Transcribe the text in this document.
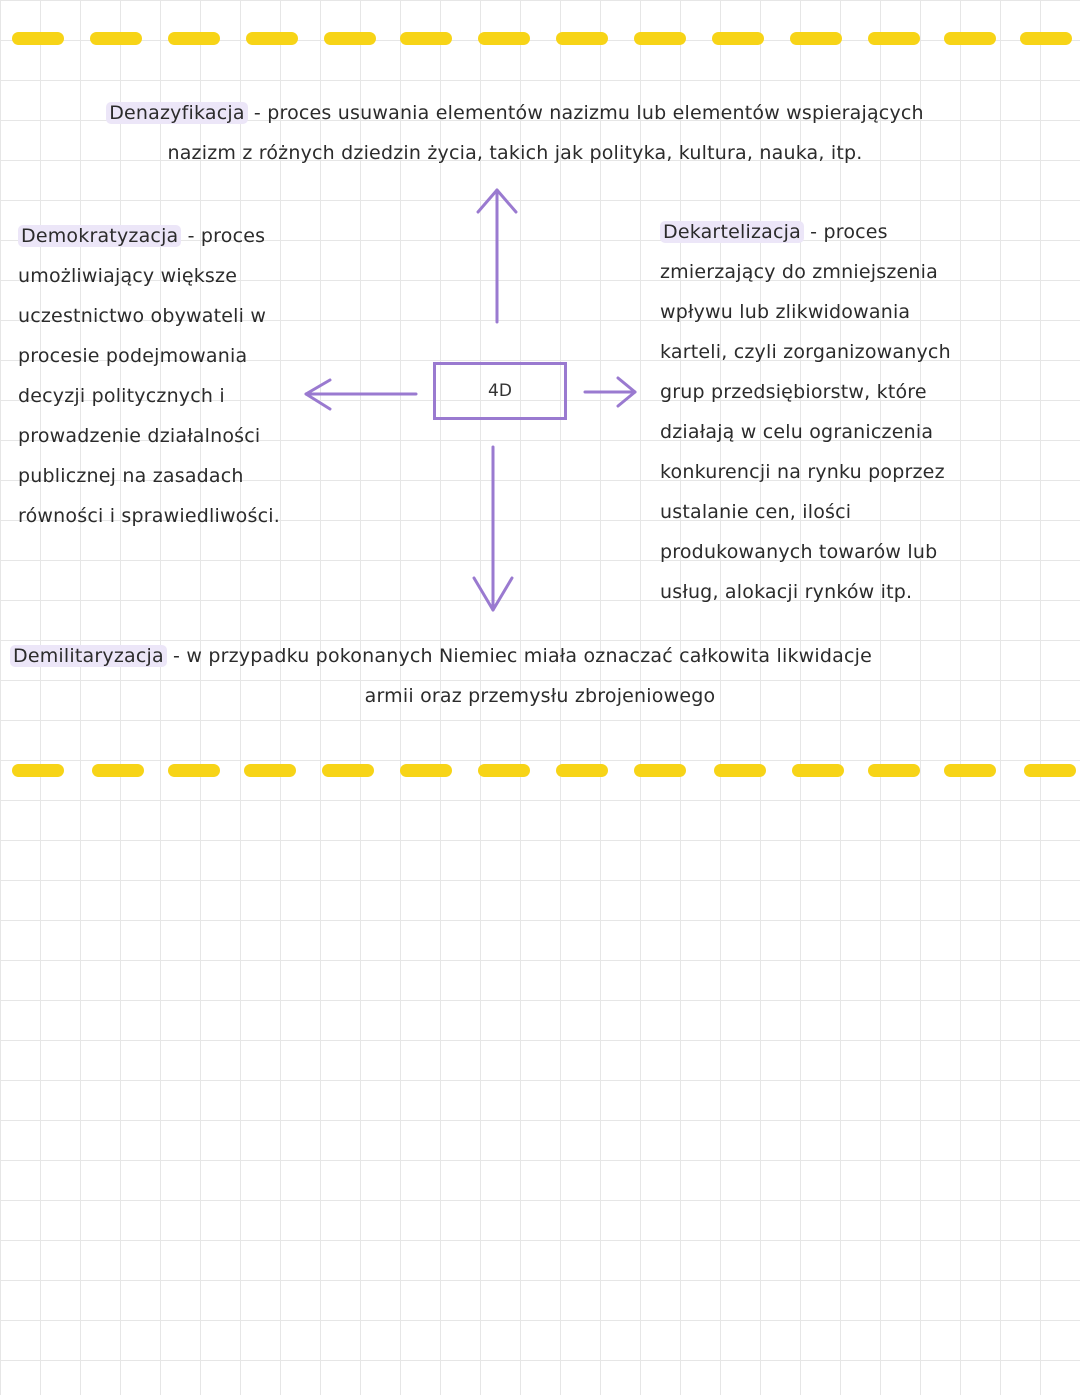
Denazyfikacja - proces usuwania elementów nazizmu lub elementów wspierających
nazizm z różnych dziedzin życia, takich jak polityka, kultura, nauka, itp.
Demokratyzacja - proces
umożliwiający większe
uczestnictwo obywateli w
procesie podejmowania
decyzji politycznych i
prowadzenie działalności
publicznej na zasadach
równości i sprawiedliwości.
Dekartelizacja - proces
zmierzający do zmniejszenia
wpływu lub zlikwidowania
karteli, czyli zorganizowanych
grup przedsiębiorstw, które
działają w celu ograniczenia
konkurencji na rynku poprzez
ustalanie cen, ilości
produkowanych towarów lub
usług, alokacji rynków itp.
4D
Demilitaryzacja - w przypadku pokonanych Niemiec miała oznaczać całkowita likwidacje
armii oraz przemysłu zbrojeniowego
